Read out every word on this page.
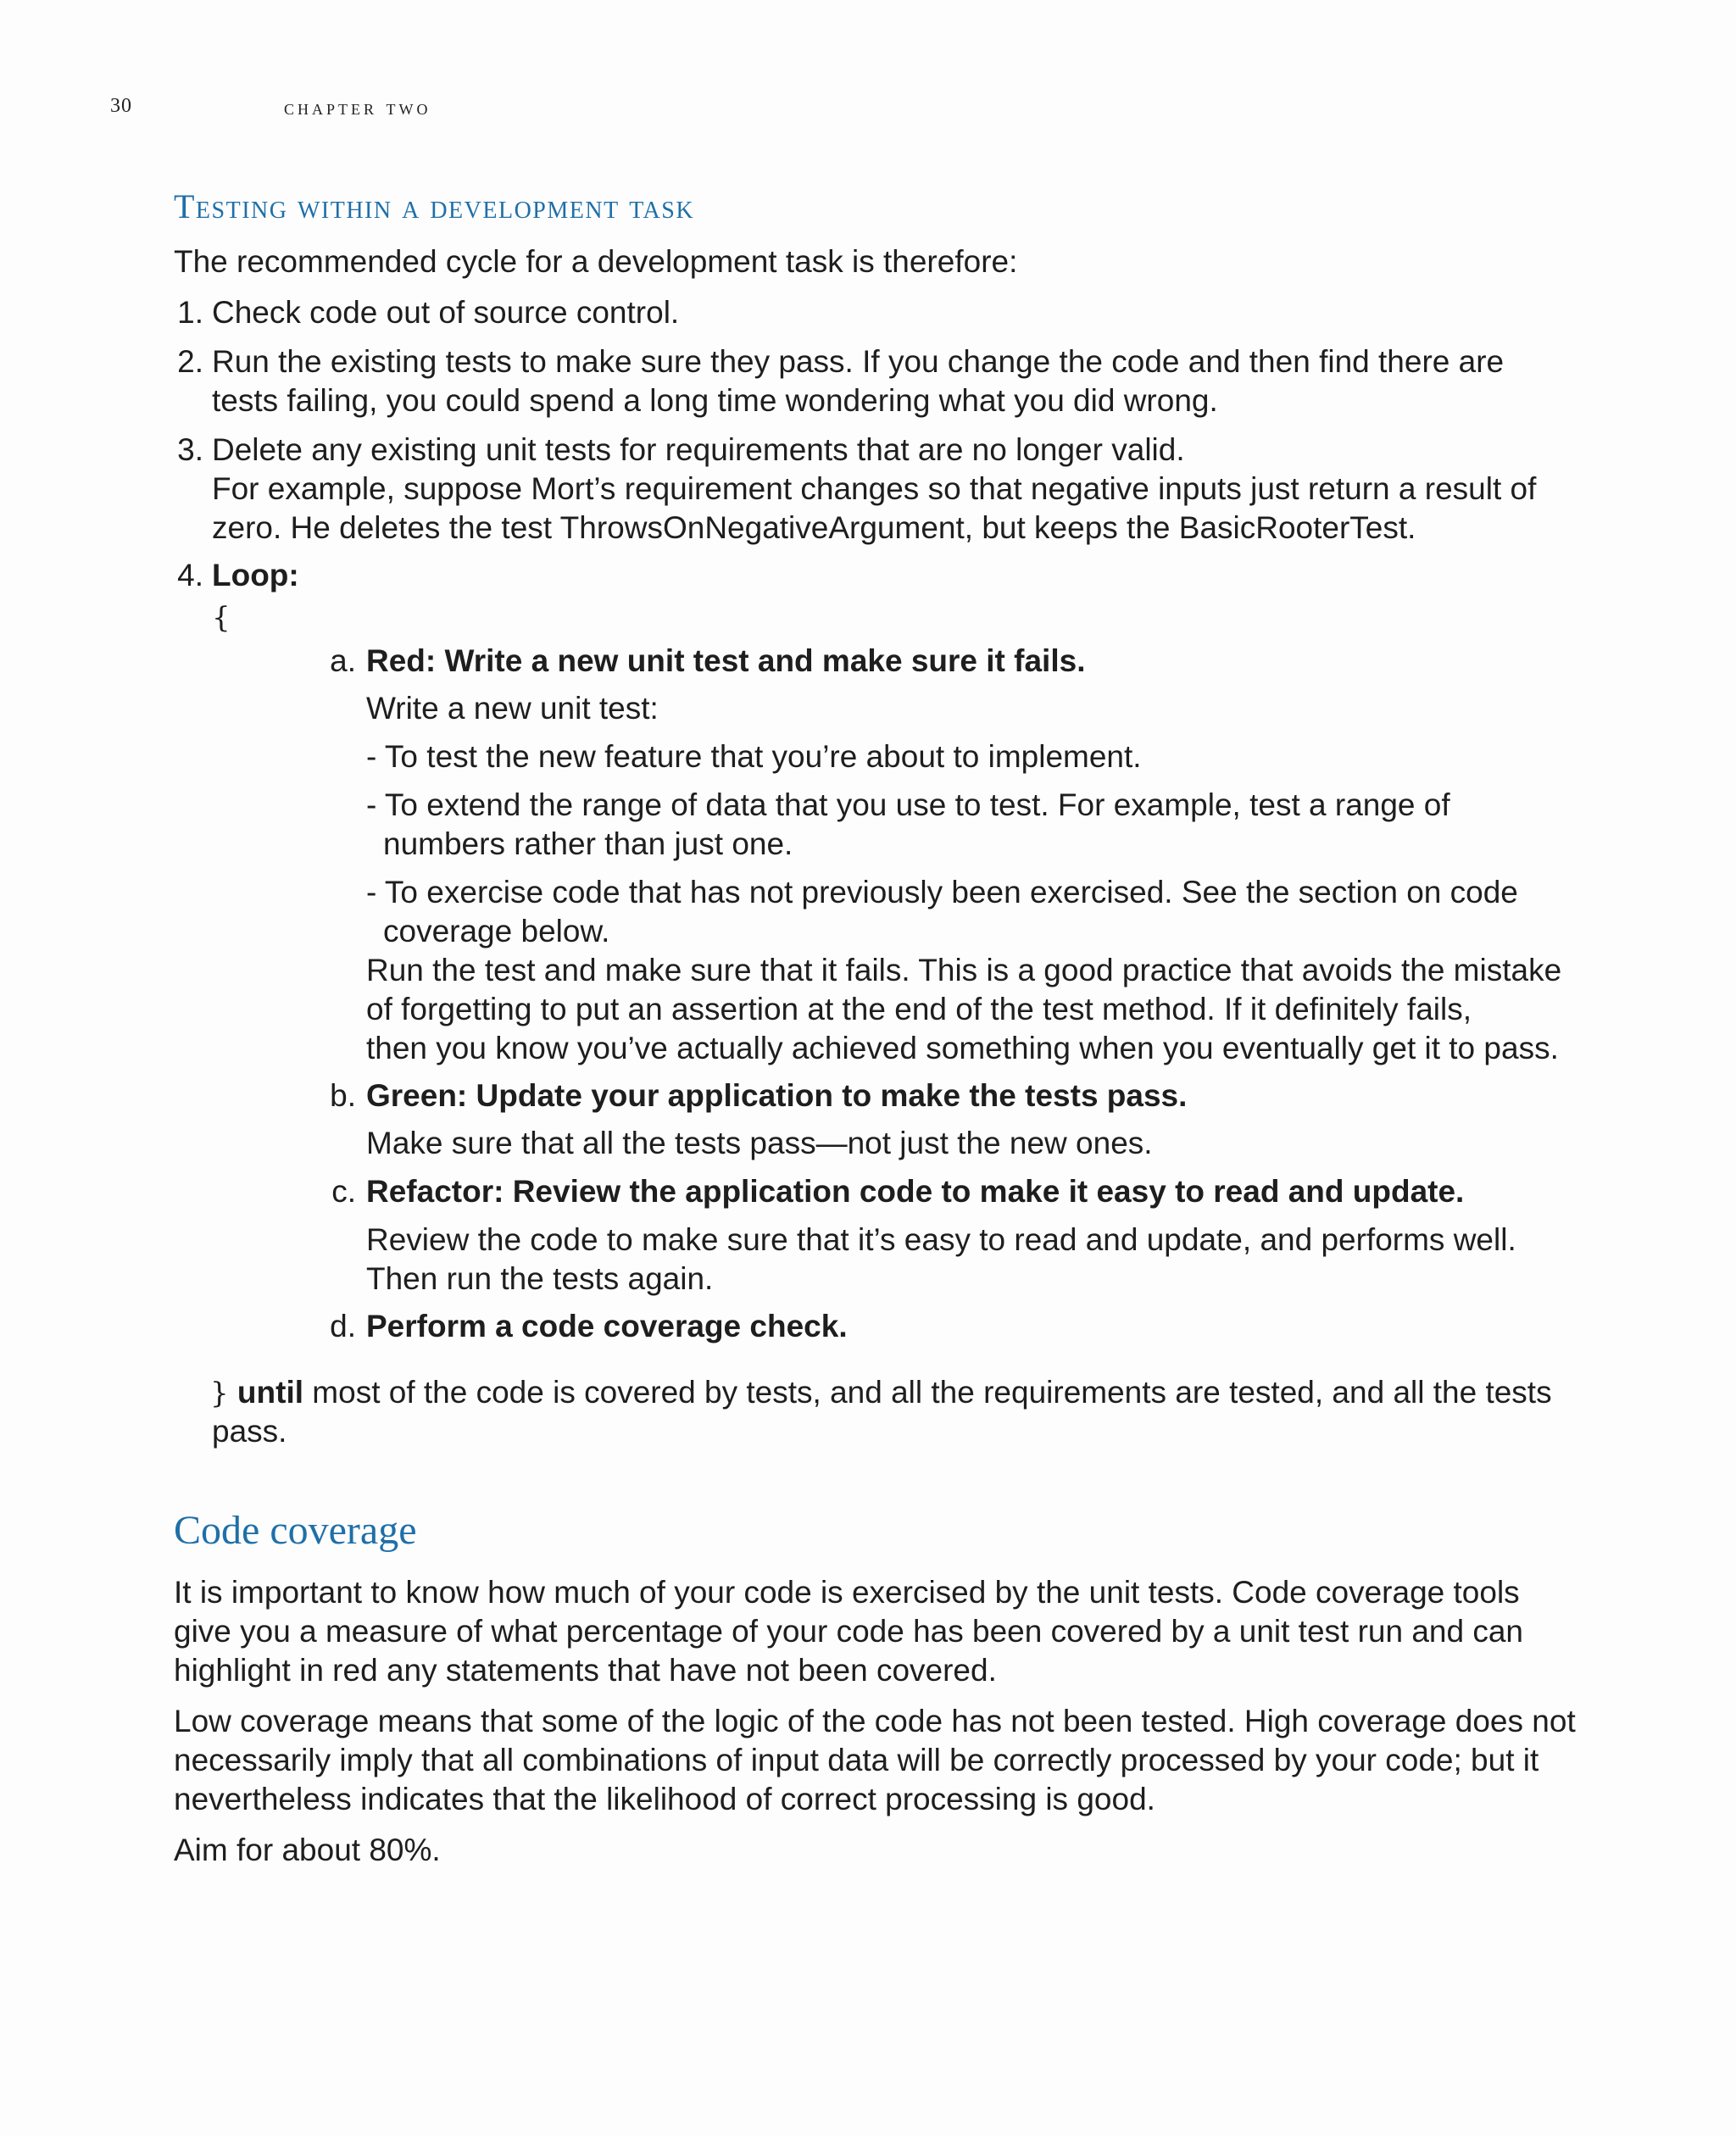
30	chapter two
Testing within a development task
The recommended cycle for a development task is therefore:
1. Check code out of source control.
2. Run the existing tests to make sure they pass. If you change the code and then find there are
tests failing, you could spend a long time wondering what you did wrong.
3. Delete any existing unit tests for requirements that are no longer valid.
For example, suppose Mort’s requirement changes so that negative inputs just return a result of
zero. He deletes the test ThrowsOnNegativeArgument, but keeps the BasicRooterTest.
4. Loop:
{
a. Red: Write a new unit test and make sure it fails.
Write a new unit test:
- To test the new feature that you’re about to implement.
- To extend the range of data that you use to test. For example, test a range of
numbers rather than just one.
- To exercise code that has not previously been exercised. See the section on code
coverage below.
Run the test and make sure that it fails. This is a good practice that avoids the mistake
of forgetting to put an assertion at the end of the test method. If it definitely fails,
then you know you’ve actually achieved something when you eventually get it to pass.
b. Green: Update your application to make the tests pass.
Make sure that all the tests pass—not just the new ones.
c. Refactor: Review the application code to make it easy to read and update.
Review the code to make sure that it’s easy to read and update, and performs well.
Then run the tests again.
d. Perform a code coverage check.
} until most of the code is covered by tests, and all the requirements are tested, and all the tests
pass.
Code coverage
It is important to know how much of your code is exercised by the unit tests. Code coverage tools
give you a measure of what percentage of your code has been covered by a unit test run and can
highlight in red any statements that have not been covered.
Low coverage means that some of the logic of the code has not been tested. High coverage does not
necessarily imply that all combinations of input data will be correctly processed by your code; but it
nevertheless indicates that the likelihood of correct processing is good.
Aim for about 80%.
